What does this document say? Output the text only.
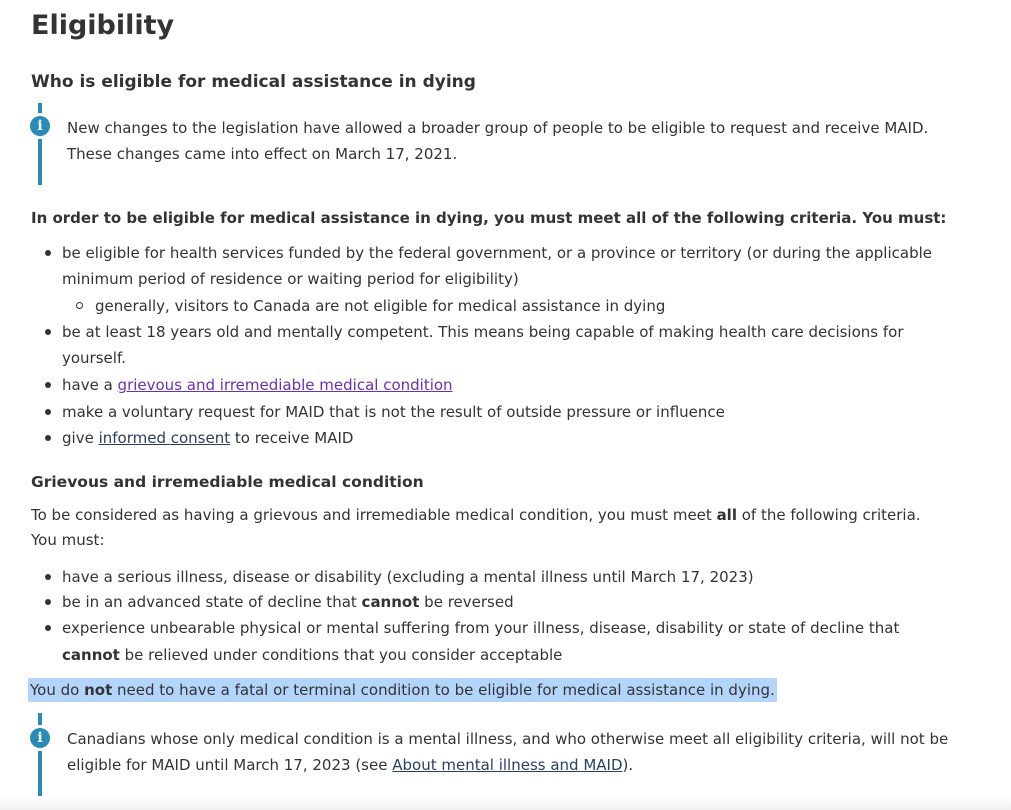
Eligibility
Who is eligible for medical assistance in dying
i	New changes to the legislation have allowed a broader group of people to be eligible to request and receive MAID.
These changes came into effect on March 17, 2021.
In order to be eligible for medical assistance in dying, you must meet all of the following criteria. You must:
be eligible for health services funded by the federal government, or a province or territory (or during the applicable
minimum period of residence or waiting period for eligibility)
generally, visitors to Canada are not eligible for medical assistance in dying
be at least 18 years old and mentally competent. This means being capable of making health care decisions for
yourself.
have a grievous and irremediable medical condition
make a voluntary request for MAID that is not the result of outside pressure or influence
give informed consent to receive MAID
Grievous and irremediable medical condition
To be considered as having a grievous and irremediable medical condition, you must meet all of the following criteria.
You must:
have a serious illness, disease or disability (excluding a mental illness until March 17, 2023)
be in an advanced state of decline that cannot be reversed
experience unbearable physical or mental suffering from your illness, disease, disability or state of decline that
cannot be relieved under conditions that you consider acceptable
You do not need to have a fatal or terminal condition to be eligible for medical assistance in dying.
i	Canadians whose only medical condition is a mental illness, and who otherwise meet all eligibility criteria, will not be
eligible for MAID until March 17, 2023 (see About mental illness and MAID).
